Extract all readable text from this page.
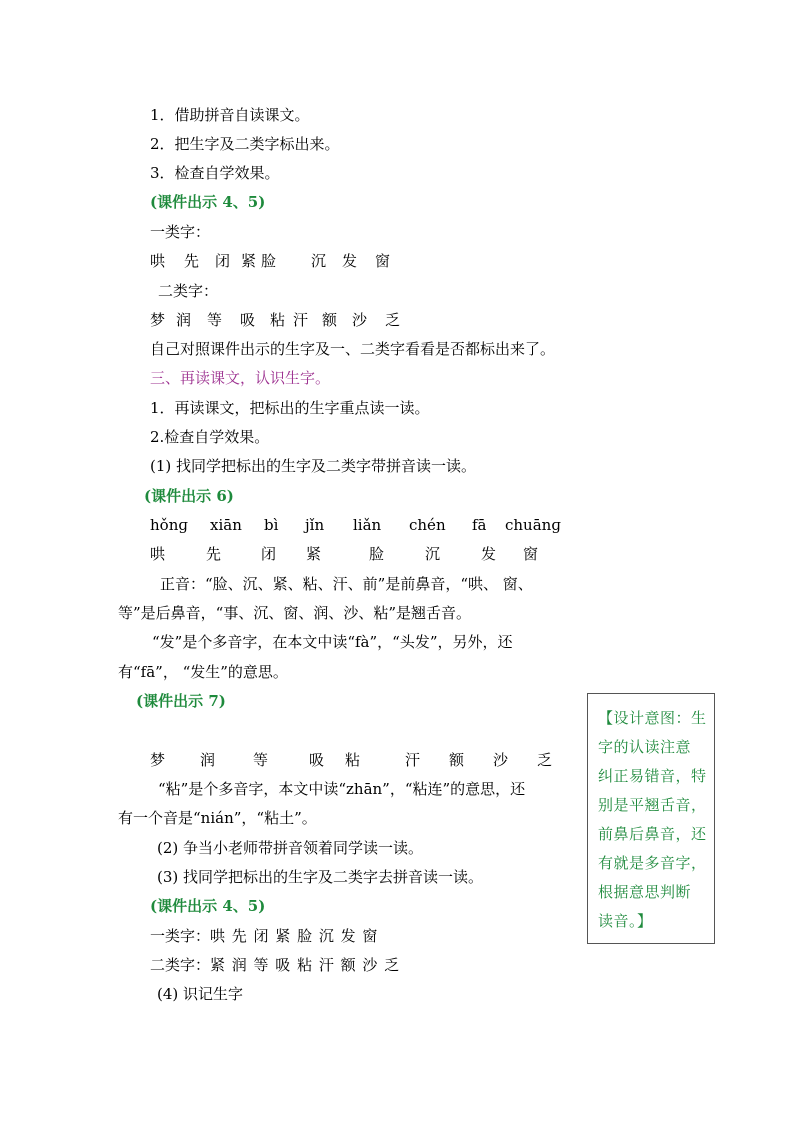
1．借助拼音自读课文。
2．把生字及二类字标出来。
3．检查自学效果。
(课件出示 4、5)
一类字：
哄	先	闭 紧 脸	沉	发	窗
二类字：
梦 润	等	吸 粘 汗 额 沙	乏
自己对照课件出示的生字及一、二类字看看是否都标出来了。
三、再读课文，认识生字。
1．再读课文，把标出的生字重点读一读。
2.检查自学效果。
(1) 找同学把标出的生字及二类字带拼音读一读。
(课件出示 6)
hǒnɡ	xiān	bì	jǐn	liǎn	chén	fā	chuānɡ
哄	先	闭	紧	脸	沉	发	窗
正音：“脸、沉、紧、粘、汗、前”是前鼻音，“哄、 窗、
等”是后鼻音，“事、沉、窗、润、沙、粘”是翘舌音。
“发”是个多音字，在本文中读“fà”，“头发”，另外，还
有“fā”， “发生”的意思。
(课件出示 7)
梦	润	等	吸	粘	汗	额	沙	乏
“粘”是个多音字，本文中读“zhān”，“粘连”的意思，还
有一个音是“nián”，“粘土”。
(2) 争当小老师带拼音领着同学读一读。
(3) 找同学把标出的生字及二类字去拼音读一读。
(课件出示 4、5)
一类字：哄 先 闭 紧 脸 沉 发 窗
二类字：紧 润 等 吸 粘 汗 额 沙 乏
(4) 识记生字
【设计意图：生
字的认读注意
纠正易错音，特
别是平翘舌音，
前鼻后鼻音，还
有就是多音字，
根据意思判断
读音。】
